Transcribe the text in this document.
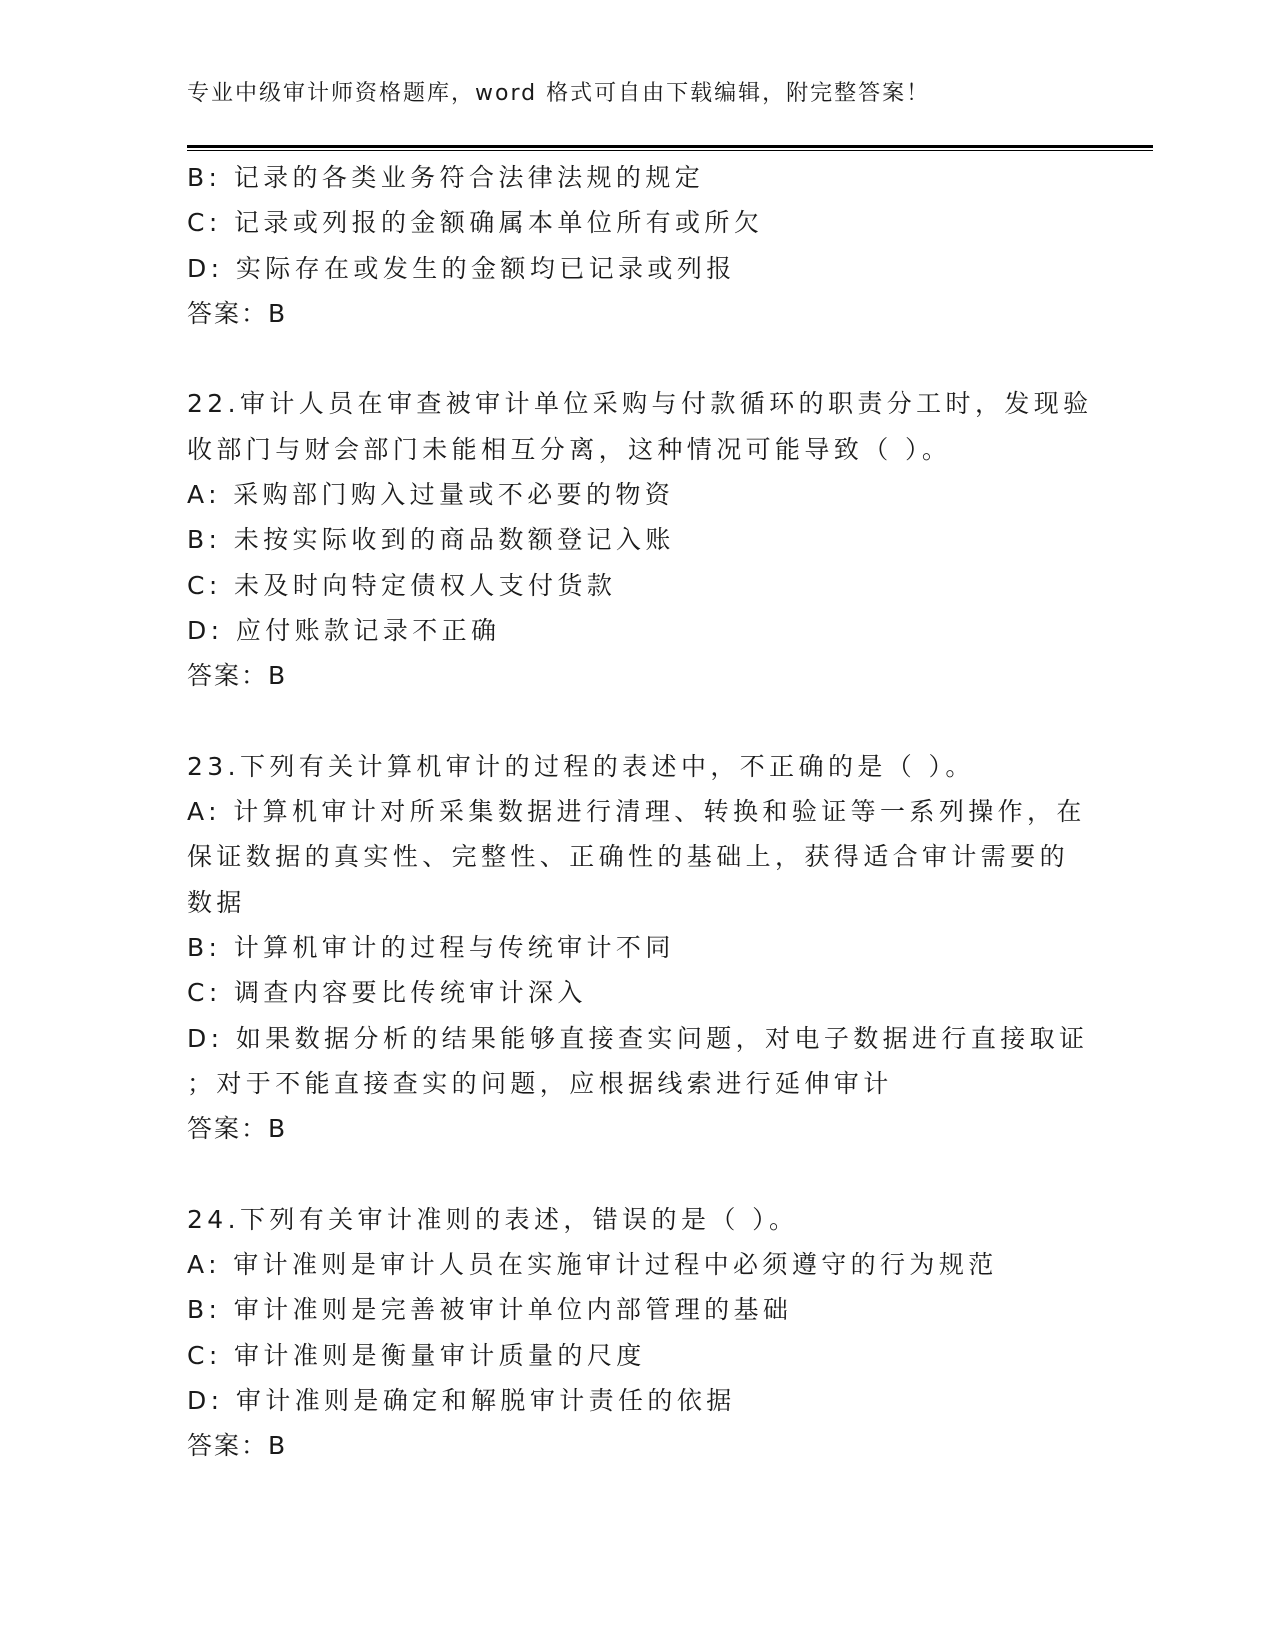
专业中级审计师资格题库，word 格式可自由下载编辑，附完整答案！
B: 记录的各类业务符合法律法规的规定
C: 记录或列报的金额确属本单位所有或所欠
D: 实际存在或发生的金额均已记录或列报
答案：B
22.审计人员在审查被审计单位采购与付款循环的职责分工时，发现验
收部门与财会部门未能相互分离，这种情况可能导致（ ）。
A: 采购部门购入过量或不必要的物资
B: 未按实际收到的商品数额登记入账
C: 未及时向特定债权人支付货款
D: 应付账款记录不正确
答案：B
23.下列有关计算机审计的过程的表述中，不正确的是（ ）。
A: 计算机审计对所采集数据进行清理、转换和验证等一系列操作，在
保证数据的真实性、完整性、正确性的基础上，获得适合审计需要的
数据
B: 计算机审计的过程与传统审计不同
C: 调查内容要比传统审计深入
D: 如果数据分析的结果能够直接查实问题，对电子数据进行直接取证
；对于不能直接查实的问题，应根据线索进行延伸审计
答案：B
24.下列有关审计准则的表述，错误的是（ ）。
A: 审计准则是审计人员在实施审计过程中必须遵守的行为规范
B: 审计准则是完善被审计单位内部管理的基础
C: 审计准则是衡量审计质量的尺度
D: 审计准则是确定和解脱审计责任的依据
答案：B
